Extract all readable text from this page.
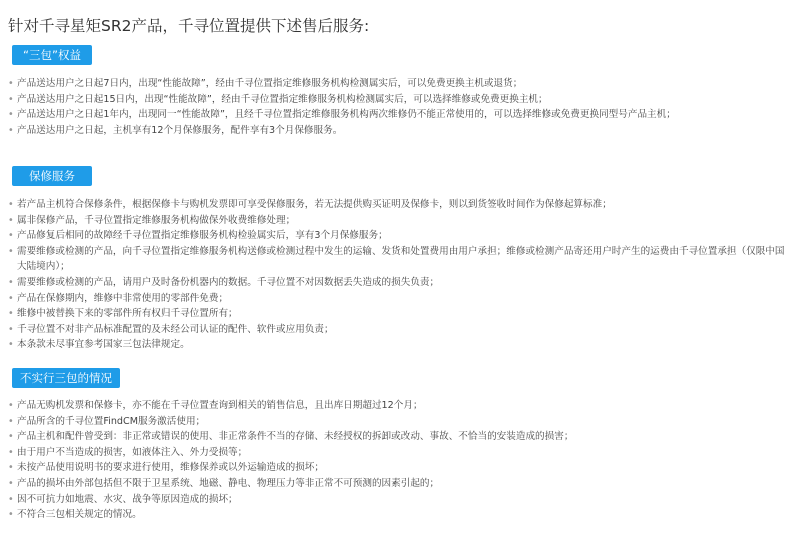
针对千寻星矩SR2产品，千寻位置提供下述售后服务:
“三包”权益
• 产品送达用户之日起7日内，出现“性能故障”，经由千寻位置指定维修服务机构检测属实后，可以免费更换主机或退货；
• 产品送达用户之日起15日内，出现“性能故障”，经由千寻位置指定维修服务机构检测属实后，可以选择维修或免费更换主机；
• 产品送达用户之日起1年内，出现同一“性能故障”，且经千寻位置指定维修服务机构两次维修仍不能正常使用的，可以选择维修或免费更换同型号产品主机；
• 产品送达用户之日起，主机享有12个月保修服务，配件享有3个月保修服务。
保修服务
• 若产品主机符合保修条件，根据保修卡与购机发票即可享受保修服务，若无法提供购买证明及保修卡，则以到货签收时间作为保修起算标准；
• 属非保修产品，千寻位置指定维修服务机构做保外收费维修处理；
• 产品修复后相同的故障经千寻位置指定维修服务机构检验属实后，享有3个月保修服务；
• 需要维修或检测的产品，向千寻位置指定维修服务机构送修或检测过程中发生的运输、发货和处置费用由用户承担；维修或检测产品寄还用户时产生的运费由千寻位置承担（仅限中国大陆境内）；
• 需要维修或检测的产品，请用户及时备份机器内的数据。千寻位置不对因数据丢失造成的损失负责；
• 产品在保修期内，维修中非常使用的零部件免费；
• 维修中被替换下来的零部件所有权归千寻位置所有；
• 千寻位置不对非产品标准配置的及未经公司认证的配件、软件或应用负责；
• 本条款未尽事宜参考国家三包法律规定。
不实行三包的情况
• 产品无购机发票和保修卡，亦不能在千寻位置查询到相关的销售信息，且出库日期超过12个月；
• 产品所含的千寻位置FindCM服务激活使用；
• 产品主机和配件曾受到：非正常或错误的使用、非正常条件不当的存储、未经授权的拆卸或改动、事故、不恰当的安装造成的损害；
• 由于用户不当造成的损害，如液体注入、外力受损等；
• 未按产品使用说明书的要求进行使用，维修保养或以外运输造成的损坏；
• 产品的损坏由外部包括但不限于卫星系统、地磁、静电、物理压力等非正常不可预测的因素引起的；
• 因不可抗力如地震、水灾、战争等原因造成的损坏；
• 不符合三包相关规定的情况。
